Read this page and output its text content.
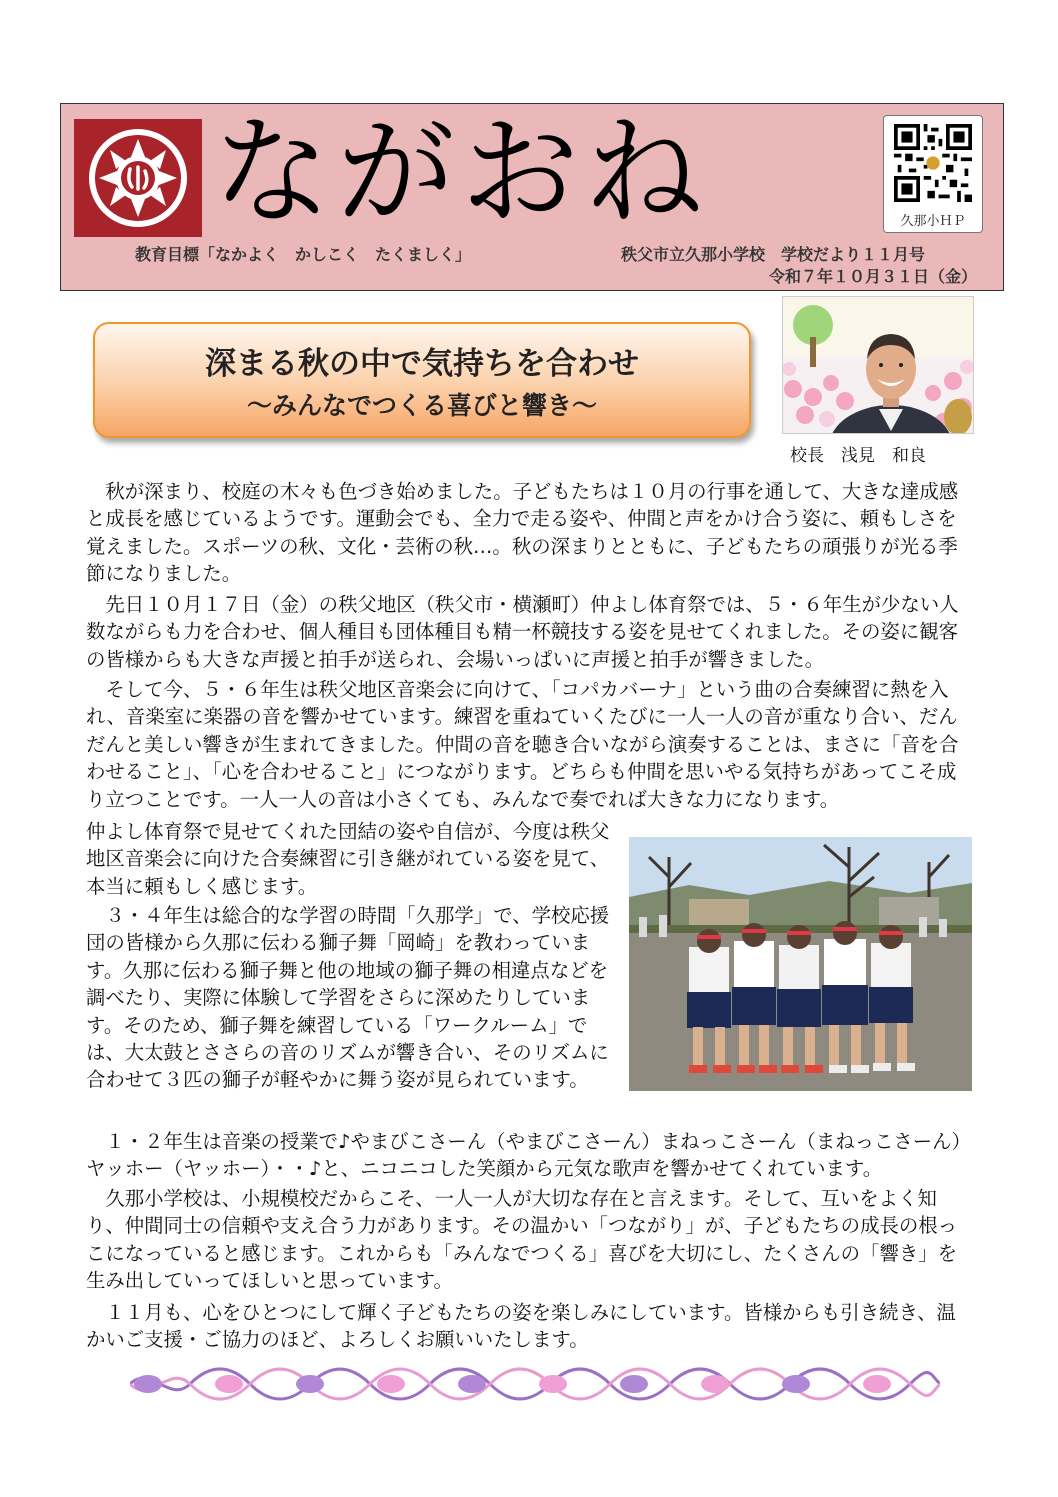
ながおね	久那小ＨＰ
教育目標「なかよく　かしこく　たくましく」	秩父市立久那小学校　学校だより１１月号
令和７年１０月３１日（金）
深まる秋の中で気持ちを合わせ
〜みんなでつくる喜びと響き〜
校長　浅見　和良

秋が深まり、校庭の木々も色づき始めました。子どもたちは１０月の行事を通して、大きな達成感と成長を感じているようです。運動会でも、全力で走る姿や、仲間と声をかけ合う姿に、頼もしさを覚えました。スポーツの秋、文化・芸術の秋…。秋の深まりとともに、子どもたちの頑張りが光る季節になりました。

先日１０月１７日（金）の秩父地区（秩父市・横瀬町）仲よし体育祭では、５・６年生が少ない人数ながらも力を合わせ、個人種目も団体種目も精一杯競技する姿を見せてくれました。その姿に観客の皆様からも大きな声援と拍手が送られ、会場いっぱいに声援と拍手が響きました。

そして今、５・６年生は秩父地区音楽会に向けて、「コパカバーナ」という曲の合奏練習に熱を入れ、音楽室に楽器の音を響かせています。練習を重ねていくたびに一人一人の音が重なり合い、だんだんと美しい響きが生まれてきました。仲間の音を聴き合いながら演奏することは、まさに「音を合わせること」、「心を合わせること」につながります。どちらも仲間を思いやる気持ちがあってこそ成り立つことです。一人一人の音は小さくても、みんなで奏でれば大きな力になります。

仲よし体育祭で見せてくれた団結の姿や自信が、今度は秩父地区音楽会に向けた合奏練習に引き継がれている姿を見て、本当に頼もしく感じます。

３・４年生は総合的な学習の時間「久那学」で、学校応援団の皆様から久那に伝わる獅子舞「岡崎」を教わっています。久那に伝わる獅子舞と他の地域の獅子舞の相違点などを調べたり、実際に体験して学習をさらに深めたりしています。そのため、獅子舞を練習している「ワークルーム」では、大太鼓とささらの音のリズムが響き合い、そのリズムに合わせて３匹の獅子が軽やかに舞う姿が見られています。

１・２年生は音楽の授業で♪やまびこさーん（やまびこさーん）まねっこさーん（まねっこさーん）ヤッホー（ヤッホー）・・♪と、ニコニコした笑顔から元気な歌声を響かせてくれています。

久那小学校は、小規模校だからこそ、一人一人が大切な存在と言えます。そして、互いをよく知り、仲間同士の信頼や支え合う力があります。その温かい「つながり」が、子どもたちの成長の根っこになっていると感じます。これからも「みんなでつくる」喜びを大切にし、たくさんの「響き」を生み出していってほしいと思っています。

１１月も、心をひとつにして輝く子どもたちの姿を楽しみにしています。皆様からも引き続き、温かいご支援・ご協力のほど、よろしくお願いいたします。
